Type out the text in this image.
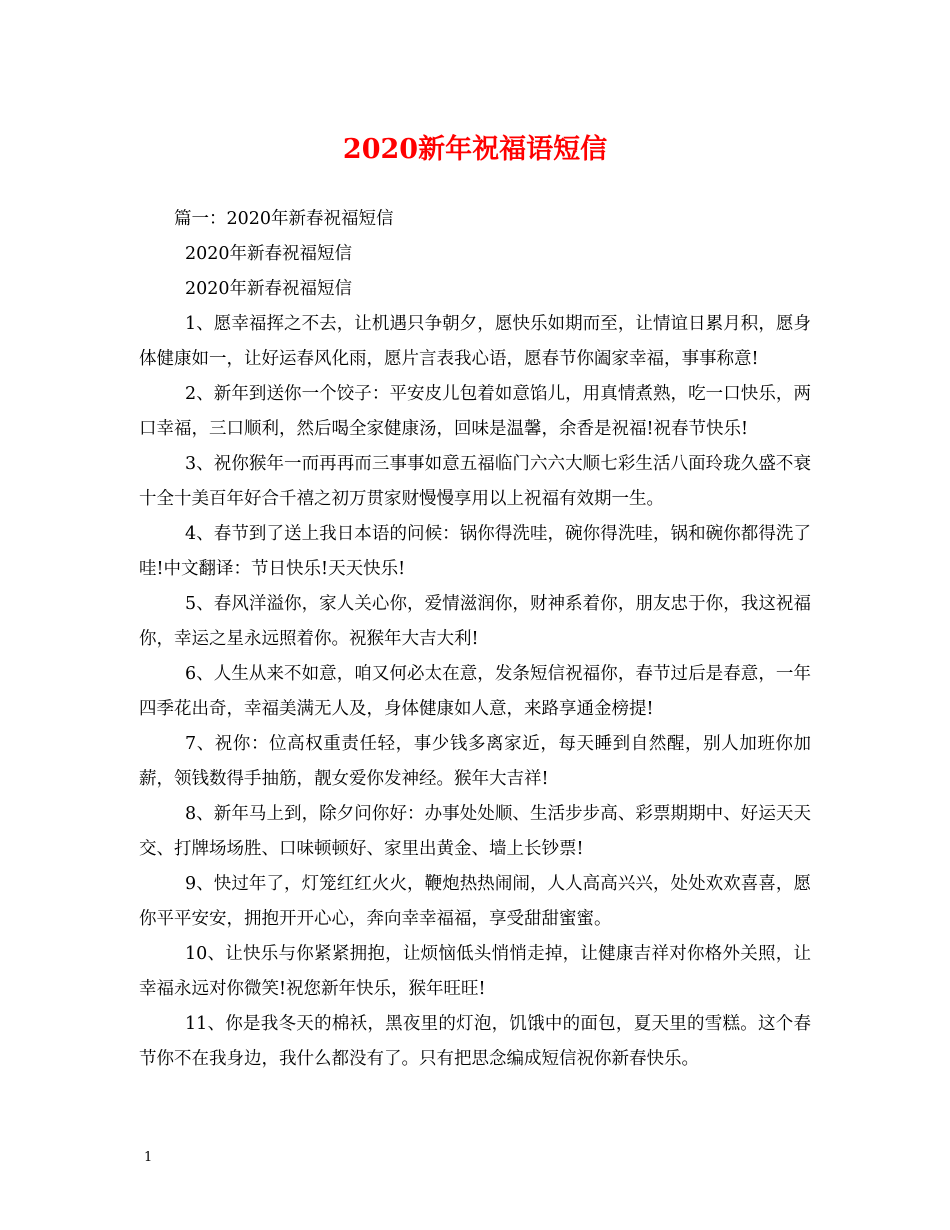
2020新年祝福语短信
篇一：2020年新春祝福短信
2020年新春祝福短信
2020年新春祝福短信

1、愿幸福挥之不去，让机遇只争朝夕，愿快乐如期而至，让情谊日累月积，愿身体健康如一，让好运春风化雨，愿片言表我心语，愿春节你阖家幸福，事事称意!

2、新年到送你一个饺子：平安皮儿包着如意馅儿，用真情煮熟，吃一口快乐，两口幸福，三口顺利，然后喝全家健康汤，回味是温馨，余香是祝福!祝春节快乐!

3、祝你猴年一而再再而三事事如意五福临门六六大顺七彩生活八面玲珑久盛不衰十全十美百年好合千禧之初万贯家财慢慢享用以上祝福有效期一生。

4、春节到了送上我日本语的问候：锅你得洗哇，碗你得洗哇，锅和碗你都得洗了哇!中文翻译：节日快乐!天天快乐!

5、春风洋溢你，家人关心你，爱情滋润你，财神系着你，朋友忠于你，我这祝福你，幸运之星永远照着你。祝猴年大吉大利!

6、人生从来不如意，咱又何必太在意，发条短信祝福你，春节过后是春意，一年四季花出奇，幸福美满无人及，身体健康如人意，来路享通金榜提!

7、祝你：位高权重责任轻，事少钱多离家近，每天睡到自然醒，别人加班你加薪，领钱数得手抽筋，靓女爱你发神经。猴年大吉祥!

8、新年马上到，除夕问你好：办事处处顺、生活步步高、彩票期期中、好运天天交、打牌场场胜、口味顿顿好、家里出黄金、墙上长钞票!

9、快过年了，灯笼红红火火，鞭炮热热闹闹，人人高高兴兴，处处欢欢喜喜，愿你平平安安，拥抱开开心心，奔向幸幸福福，享受甜甜蜜蜜。

10、让快乐与你紧紧拥抱，让烦恼低头悄悄走掉，让健康吉祥对你格外关照，让幸福永远对你微笑!祝您新年快乐，猴年旺旺!

11、你是我冬天的棉袄，黑夜里的灯泡，饥饿中的面包，夏天里的雪糕。这个春节你不在我身边，我什么都没有了。只有把思念编成短信祝你新春快乐。

1
